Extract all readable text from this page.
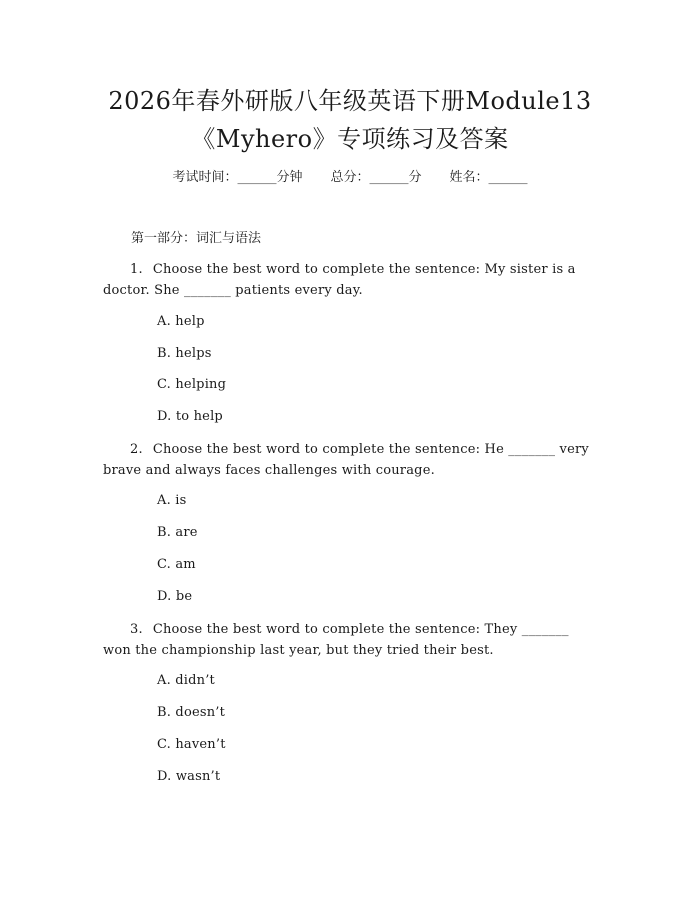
2026年春外研版八年级英语下册Module13
《Myhero》专项练习及答案
考试时间：______分钟 总分：______分 姓名：______
第一部分：词汇与语法
1. Choose the best word to complete the sentence: My sister is a doctor. She _______ patients every day.
A. help
B. helps
C. helping
D. to help
2. Choose the best word to complete the sentence: He _______ very brave and always faces challenges with courage.
A. is
B. are
C. am
D. be
3. Choose the best word to complete the sentence: They _______ won the championship last year, but they tried their best.
A. didn’t
B. doesn’t
C. haven’t
D. wasn’t
